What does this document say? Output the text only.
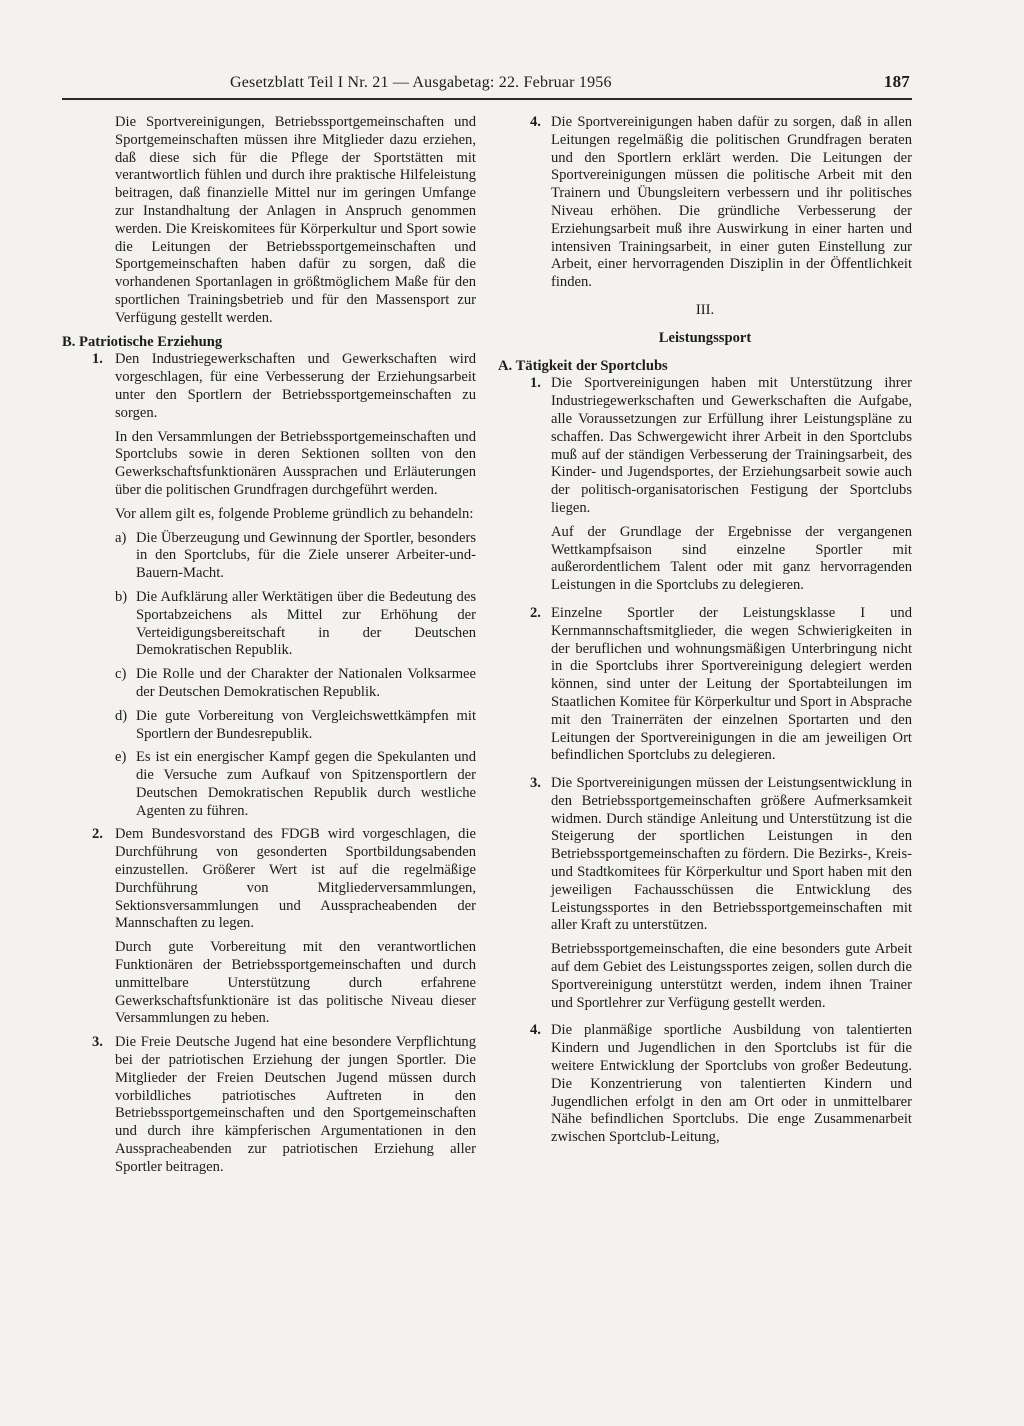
Gesetzblatt Teil I Nr. 21 — Ausgabetag: 22. Februar 1956	187

Die Sportvereinigungen, Betriebssportgemeinschaften und Sportgemeinschaften müssen ihre Mitglieder dazu erziehen, daß diese sich für die Pflege der Sportstätten mit verantwortlich fühlen und durch ihre praktische Hilfeleistung beitragen, daß finanzielle Mittel nur im geringen Umfange zur Instandhaltung der Anlagen in Anspruch genommen werden. Die Kreiskomitees für Körperkultur und Sport sowie die Leitungen der Betriebssportgemeinschaften und Sportgemeinschaften haben dafür zu sorgen, daß die vorhandenen Sportanlagen in größtmöglichem Maße für den sportlichen Trainingsbetrieb und für den Massensport zur Verfügung gestellt werden.

B. Patriotische Erziehung

1. Den Industriegewerkschaften und Gewerkschaften wird vorgeschlagen, für eine Verbesserung der Erziehungsarbeit unter den Sportlern der Betriebssportgemeinschaften zu sorgen.

In den Versammlungen der Betriebssportgemeinschaften und Sportclubs sowie in deren Sektionen sollten von den Gewerkschaftsfunktionären Aussprachen und Erläuterungen über die politischen Grundfragen durchgeführt werden.

Vor allem gilt es, folgende Probleme gründlich zu behandeln:

a) Die Überzeugung und Gewinnung der Sportler, besonders in den Sportclubs, für die Ziele unserer Arbeiter-und-Bauern-Macht.

b) Die Aufklärung aller Werktätigen über die Bedeutung des Sportabzeichens als Mittel zur Erhöhung der Verteidigungsbereitschaft in der Deutschen Demokratischen Republik.

c) Die Rolle und der Charakter der Nationalen Volksarmee der Deutschen Demokratischen Republik.

d) Die gute Vorbereitung von Vergleichswettkämpfen mit Sportlern der Bundesrepublik.

e) Es ist ein energischer Kampf gegen die Spekulanten und die Versuche zum Aufkauf von Spitzensportlern der Deutschen Demokratischen Republik durch westliche Agenten zu führen.

2. Dem Bundesvorstand des FDGB wird vorgeschlagen, die Durchführung von gesonderten Sportbildungsabenden einzustellen. Größerer Wert ist auf die regelmäßige Durchführung von Mitgliederversammlungen, Sektionsversammlungen und Ausspracheabenden der Mannschaften zu legen.

Durch gute Vorbereitung mit den verantwortlichen Funktionären der Betriebssportgemeinschaften und durch unmittelbare Unterstützung durch erfahrene Gewerkschaftsfunktionäre ist das politische Niveau dieser Versammlungen zu heben.

3. Die Freie Deutsche Jugend hat eine besondere Verpflichtung bei der patriotischen Erziehung der jungen Sportler. Die Mitglieder der Freien Deutschen Jugend müssen durch vorbildliches patriotisches Auftreten in den Betriebssportgemeinschaften und den Sportgemeinschaften und durch ihre kämpferischen Argumentationen in den Ausspracheabenden zur patriotischen Erziehung aller Sportler beitragen.

4. Die Sportvereinigungen haben dafür zu sorgen, daß in allen Leitungen regelmäßig die politischen Grundfragen beraten und den Sportlern erklärt werden. Die Leitungen der Sportvereinigungen müssen die politische Arbeit mit den Trainern und Übungsleitern verbessern und ihr politisches Niveau erhöhen. Die gründliche Verbesserung der Erziehungsarbeit muß ihre Auswirkung in einer harten und intensiven Trainingsarbeit, in einer guten Einstellung zur Arbeit, einer hervorragenden Disziplin in der Öffentlichkeit finden.

III.

Leistungssport

A. Tätigkeit der Sportclubs

1. Die Sportvereinigungen haben mit Unterstützung ihrer Industriegewerkschaften und Gewerkschaften die Aufgabe, alle Voraussetzungen zur Erfüllung ihrer Leistungspläne zu schaffen. Das Schwergewicht ihrer Arbeit in den Sportclubs muß auf der ständigen Verbesserung der Trainingsarbeit, des Kinder- und Jugendsportes, der Erziehungsarbeit sowie auch der politisch-organisatorischen Festigung der Sportclubs liegen.

Auf der Grundlage der Ergebnisse der vergangenen Wettkampfsaison sind einzelne Sportler mit außerordentlichem Talent oder mit ganz hervorragenden Leistungen in die Sportclubs zu delegieren.

2. Einzelne Sportler der Leistungsklasse I und Kernmannschaftsmitglieder, die wegen Schwierigkeiten in der beruflichen und wohnungsmäßigen Unterbringung nicht in die Sportclubs ihrer Sportvereinigung delegiert werden können, sind unter der Leitung der Sportabteilungen im Staatlichen Komitee für Körperkultur und Sport in Absprache mit den Trainerräten der einzelnen Sportarten und den Leitungen der Sportvereinigungen in die am jeweiligen Ort befindlichen Sportclubs zu delegieren.

3. Die Sportvereinigungen müssen der Leistungsentwicklung in den Betriebssportgemeinschaften größere Aufmerksamkeit widmen. Durch ständige Anleitung und Unterstützung ist die Steigerung der sportlichen Leistungen in den Betriebssportgemeinschaften zu fördern. Die Bezirks-, Kreis- und Stadtkomitees für Körperkultur und Sport haben mit den jeweiligen Fachausschüssen die Entwicklung des Leistungssportes in den Betriebssportgemeinschaften mit aller Kraft zu unterstützen.

Betriebssportgemeinschaften, die eine besonders gute Arbeit auf dem Gebiet des Leistungssportes zeigen, sollen durch die Sportvereinigung unterstützt werden, indem ihnen Trainer und Sportlehrer zur Verfügung gestellt werden.

4. Die planmäßige sportliche Ausbildung von talentierten Kindern und Jugendlichen in den Sportclubs ist für die weitere Entwicklung der Sportclubs von großer Bedeutung. Die Konzentrierung von talentierten Kindern und Jugendlichen erfolgt in den am Ort oder in unmittelbarer Nähe befindlichen Sportclubs. Die enge Zusammenarbeit zwischen Sportclub-Leitung,
